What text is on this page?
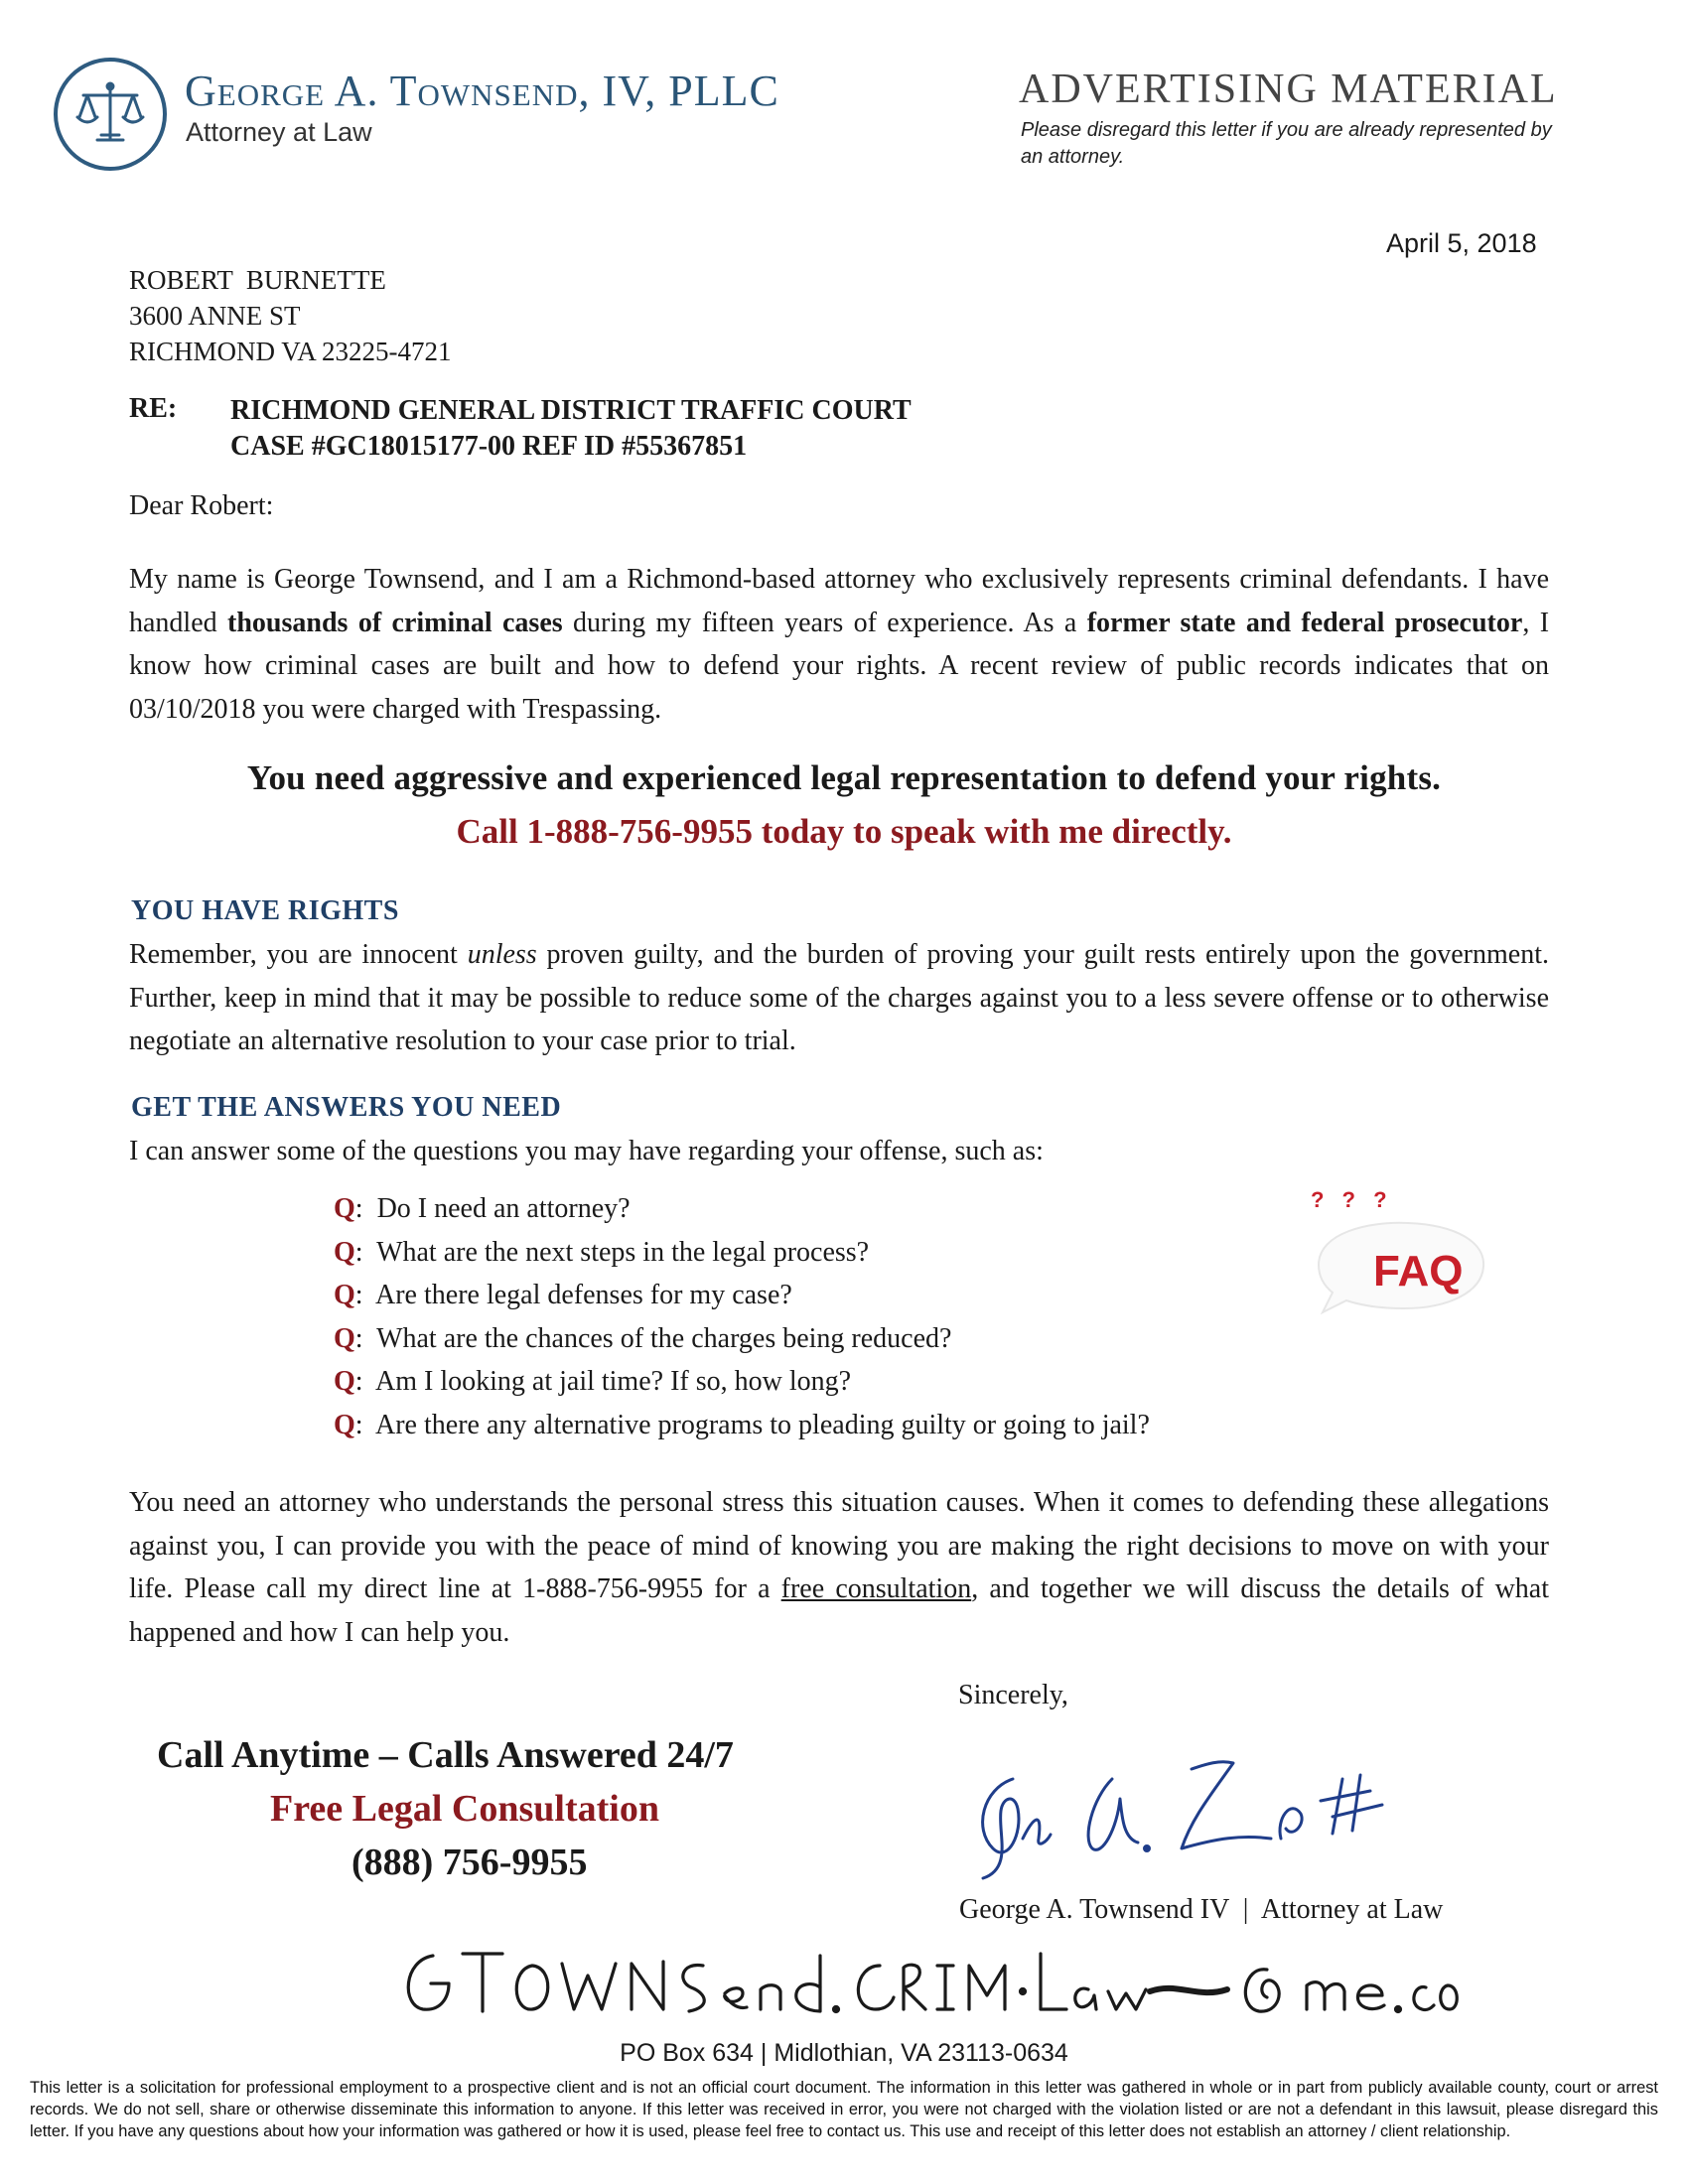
George A. Townsend, IV, PLLC
Attorney at Law
ADVERTISING MATERIAL
Please disregard this letter if you are already represented by an attorney.
April 5, 2018
ROBERT  BURNETTE
3600 ANNE ST
RICHMOND VA 23225-4721
RE: RICHMOND GENERAL DISTRICT TRAFFIC COURT
CASE #GC18015177-00 REF ID #55367851
Dear Robert:
My name is George Townsend, and I am a Richmond-based attorney who exclusively represents criminal defendants. I have handled thousands of criminal cases during my fifteen years of experience. As a former state and federal prosecutor, I know how criminal cases are built and how to defend your rights. A recent review of public records indicates that on 03/10/2018 you were charged with Trespassing.
You need aggressive and experienced legal representation to defend your rights.
Call 1-888-756-9955 today to speak with me directly.
YOU HAVE RIGHTS
Remember, you are innocent unless proven guilty, and the burden of proving your guilt rests entirely upon the government. Further, keep in mind that it may be possible to reduce some of the charges against you to a less severe offense or to otherwise negotiate an alternative resolution to your case prior to trial.
GET THE ANSWERS YOU NEED
I can answer some of the questions you may have regarding your offense, such as:
Q:  Do I need an attorney?
Q:  What are the next steps in the legal process?
Q:  Are there legal defenses for my case?
Q:  What are the chances of the charges being reduced?
Q:  Am I looking at jail time? If so, how long?
Q:  Are there any alternative programs to pleading guilty or going to jail?
? ? ?
FAQ
You need an attorney who understands the personal stress this situation causes. When it comes to defending these allegations against you, I can provide you with the peace of mind of knowing you are making the right decisions to move on with your life. Please call my direct line at 1-888-756-9955 for a free consultation, and together we will discuss the details of what happened and how I can help you.
Sincerely,
Call Anytime – Calls Answered 24/7
Free Legal Consultation
(888) 756-9955
George A. Townsend IV  |  Attorney at Law
PO Box 634 | Midlothian, VA 23113-0634
This letter is a solicitation for professional employment to a prospective client and is not an official court document. The information in this letter was gathered in whole or in part from publicly available county, court or arrest records. We do not sell, share or otherwise disseminate this information to anyone. If this letter was received in error, you were not charged with the violation listed or are not a defendant in this lawsuit, please disregard this letter. If you have any questions about how your information was gathered or how it is used, please feel free to contact us. This use and receipt of this letter does not establish an attorney / client relationship.
